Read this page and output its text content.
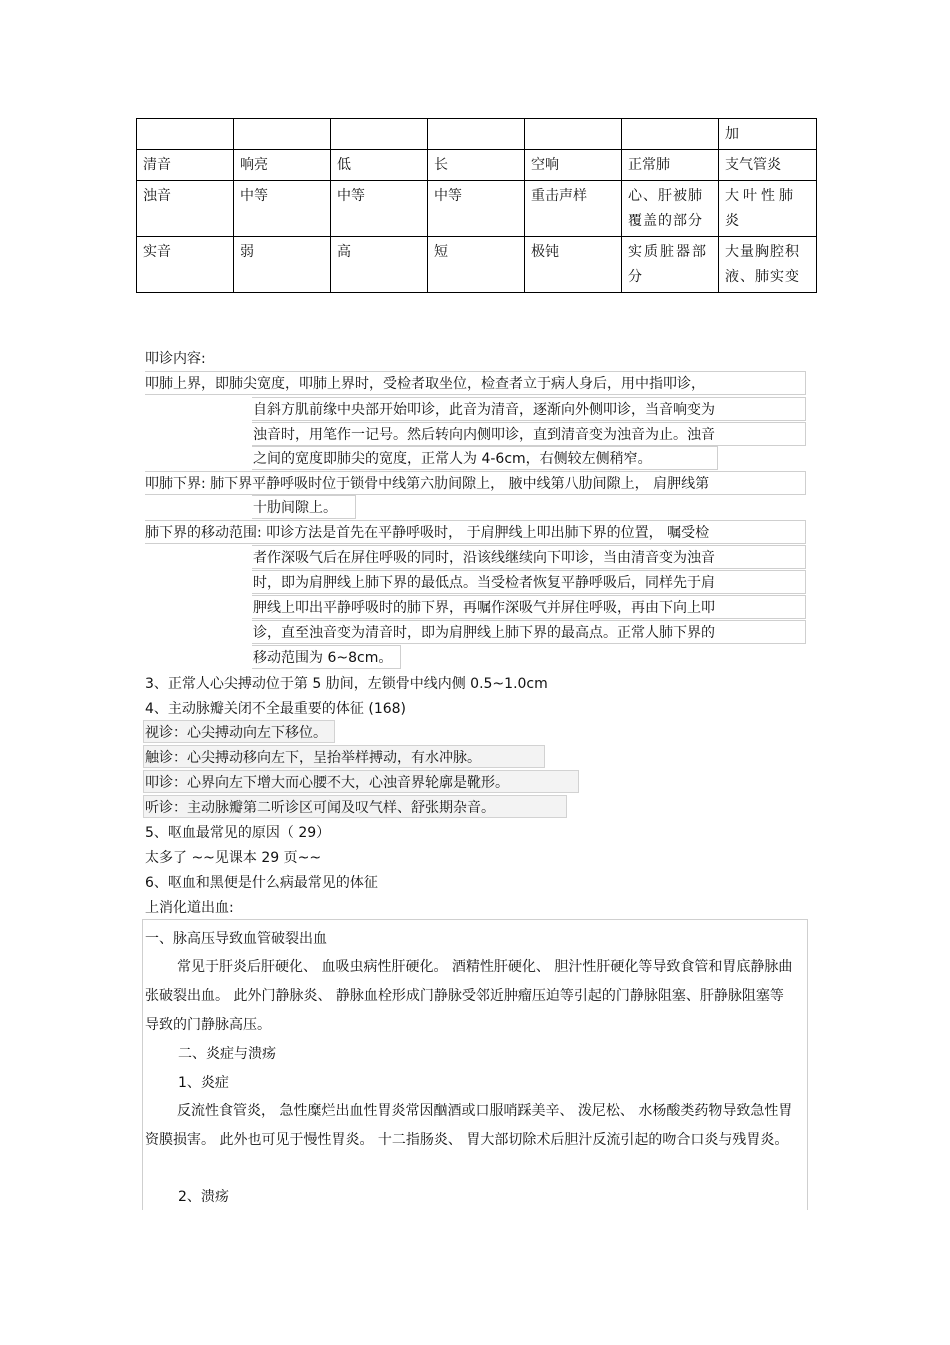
						加
清音	响亮	低	长	空响	正常肺	支气管炎
浊音	中等	中等	中等	重击声样	心、肝被肺覆盖的部分	大叶性肺炎
实音	弱	高	短	极钝	实质脏器部分	大量胸腔积液、肺实变
叩诊内容:
叩肺上界，即肺尖宽度，叩肺上界时，受检者取坐位，检查者立于病人身后，用中指叩诊，
自斜方肌前缘中央部开始叩诊，此音为清音，逐渐向外侧叩诊，当音响变为
浊音时，用笔作一记号。然后转向内侧叩诊，直到清音变为浊音为止。浊音
之间的宽度即肺尖的宽度，正常人为 4-6cm，右侧较左侧稍窄。
叩肺下界: 肺下界平静呼吸时位于锁骨中线第六肋间隙上， 腋中线第八肋间隙上， 肩胛线第
十肋间隙上。
肺下界的移动范围: 叩诊方法是首先在平静呼吸时， 于肩胛线上叩出肺下界的位置， 嘱受检
者作深吸气后在屏住呼吸的同时，沿该线继续向下叩诊，当由清音变为浊音
时，即为肩胛线上肺下界的最低点。当受检者恢复平静呼吸后，同样先于肩
胛线上叩出平静呼吸时的肺下界，再嘱作深吸气并屏住呼吸，再由下向上叩
诊，直至浊音变为清音时，即为肩胛线上肺下界的最高点。正常人肺下界的
移动范围为 6~8cm。
3、正常人心尖搏动位于第 5 肋间，左锁骨中线内侧 0.5~1.0cm
4、主动脉瓣关闭不全最重要的体征 (168)
视诊：心尖搏动向左下移位。
触诊：心尖搏动移向左下，呈抬举样搏动，有水冲脉。
叩诊：心界向左下增大而心腰不大，心浊音界轮廓是靴形。
听诊：主动脉瓣第二听诊区可闻及叹气样、舒张期杂音。
5、呕血最常见的原因（ 29）
太多了 ~~见课本 29 页~~
6、呕血和黑便是什么病最常见的体征
上消化道出血:
一、脉高压导致血管破裂出血
常见于肝炎后肝硬化、 血吸虫病性肝硬化。 酒精性肝硬化、 胆汁性肝硬化等导致食管和胃底静脉曲张破裂出血。 此外门静脉炎、 静脉血栓形成门静脉受邻近肿瘤压迫等引起的门静脉阻塞、肝静脉阻塞等导致的门静脉高压。
二、炎症与溃疡
1、炎症
反流性食管炎， 急性糜烂出血性胃炎常因酗酒或口服哨踩美辛、 泼尼松、 水杨酸类药物导致急性胃资膜损害。 此外也可见于慢性胃炎。 十二指肠炎、 胃大部切除术后胆汁反流引起的吻合口炎与残胃炎。
2、溃疡
